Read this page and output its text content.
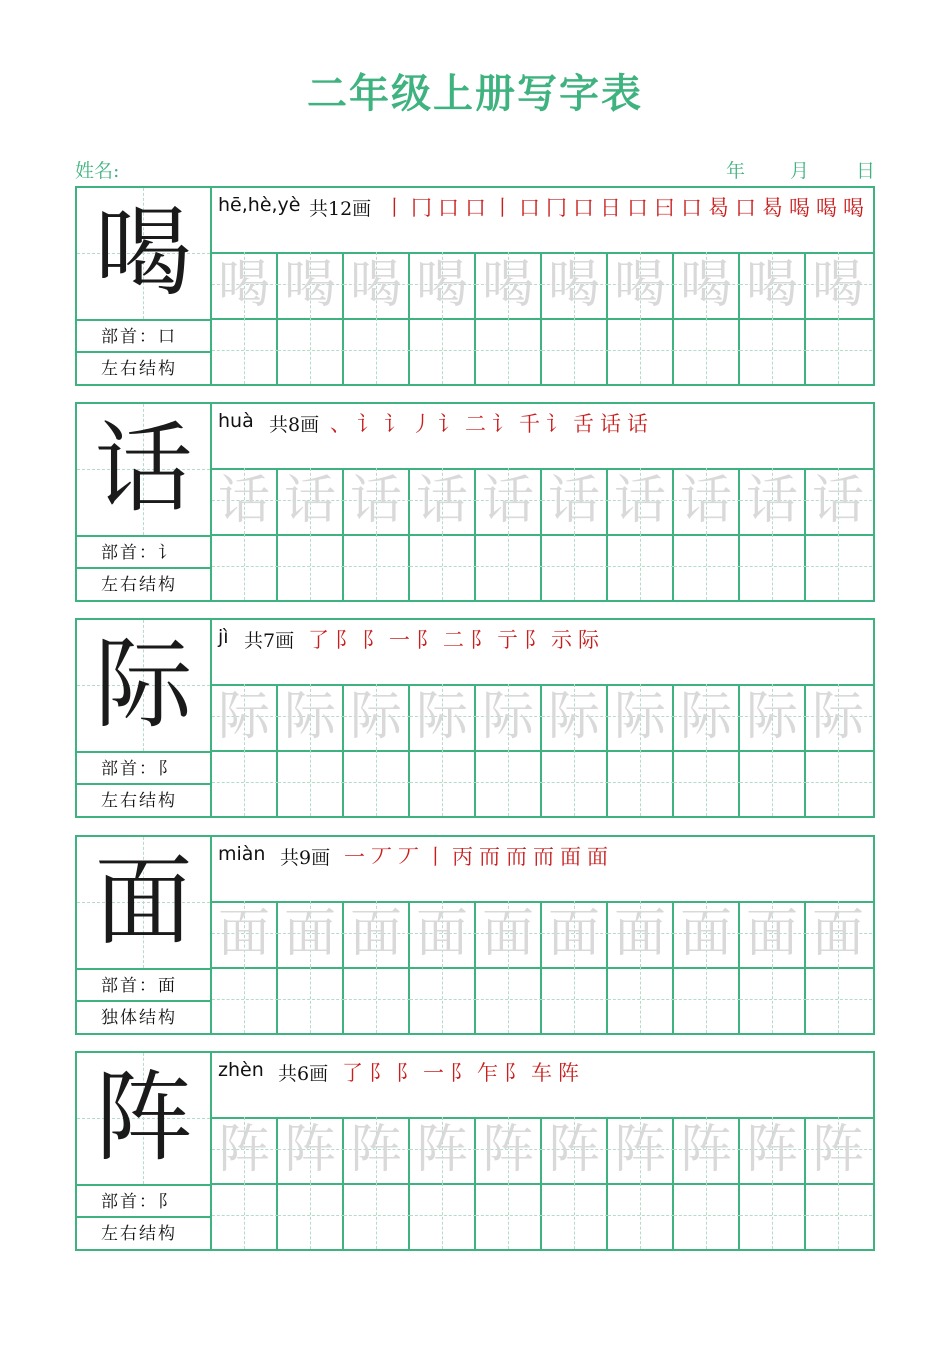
二年级上册写字表
姓名:	年 月 日
喝
部首：口
左右结构
hē,hè,yè 共12画 丨冂口口丨口冂口日口曰口曷口曷喝喝喝
喝 喝 喝 喝 喝 喝 喝 喝 喝 喝
话
部首：讠
左右结构
huà 共8画 、讠讠丿讠二讠千讠舌话话
话 话 话 话 话 话 话 话 话 话
际
部首：阝
左右结构
jì 共7画 了阝阝一阝二阝亍阝示际
际 际 际 际 际 际 际 际 际 际
面
部首：面
独体结构
miàn 共9画 一丆丆丨丙而而而面面
面 面 面 面 面 面 面 面 面 面
阵
部首：阝
左右结构
zhèn 共6画 了阝阝一阝乍阝车阵
阵 阵 阵 阵 阵 阵 阵 阵 阵 阵
